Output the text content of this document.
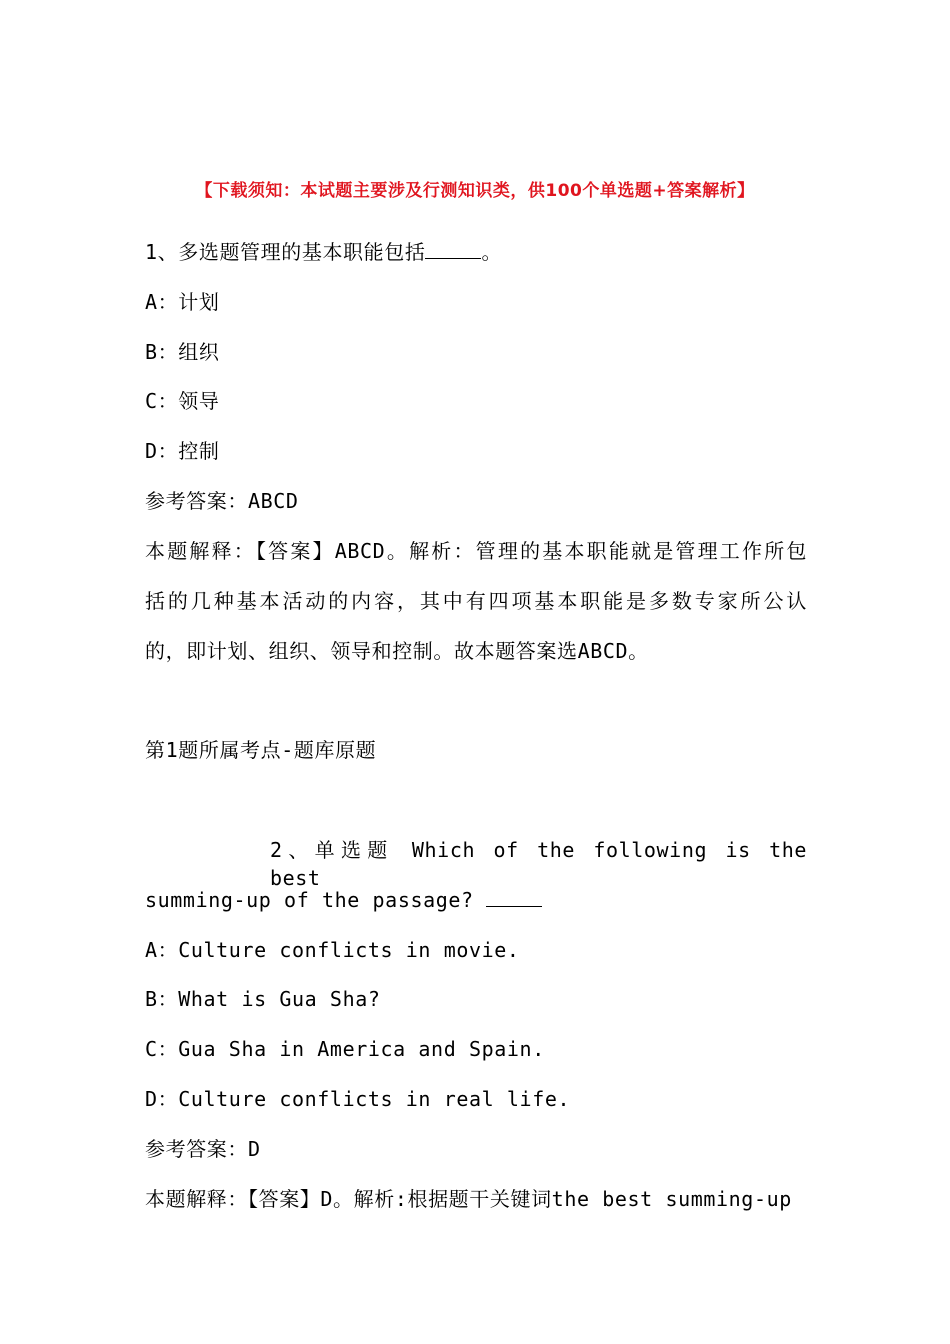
【下载须知：本试题主要涉及行测知识类，供100个单选题+答案解析】
1、多选题管理的基本职能包括	。
A：计划
B：组织
C：领导
D：控制
参考答案：ABCD
本题解释：【答案】ABCD。解析：管理的基本职能就是管理工作所包
括的几种基本活动的内容，其中有四项基本职能是多数专家所公认
的，即计划、组织、领导和控制。故本题答案选ABCD。
第1题所属考点-题库原题
2、单选题 Which of the following is the best
summing-up of the passage?
A：Culture conflicts in movie.
B：What is Gua Sha?
C：Gua Sha in America and Spain.
D：Culture conflicts in real life.
参考答案：D
本题解释：【答案】D。解析:根据题干关键词the best summing-up
